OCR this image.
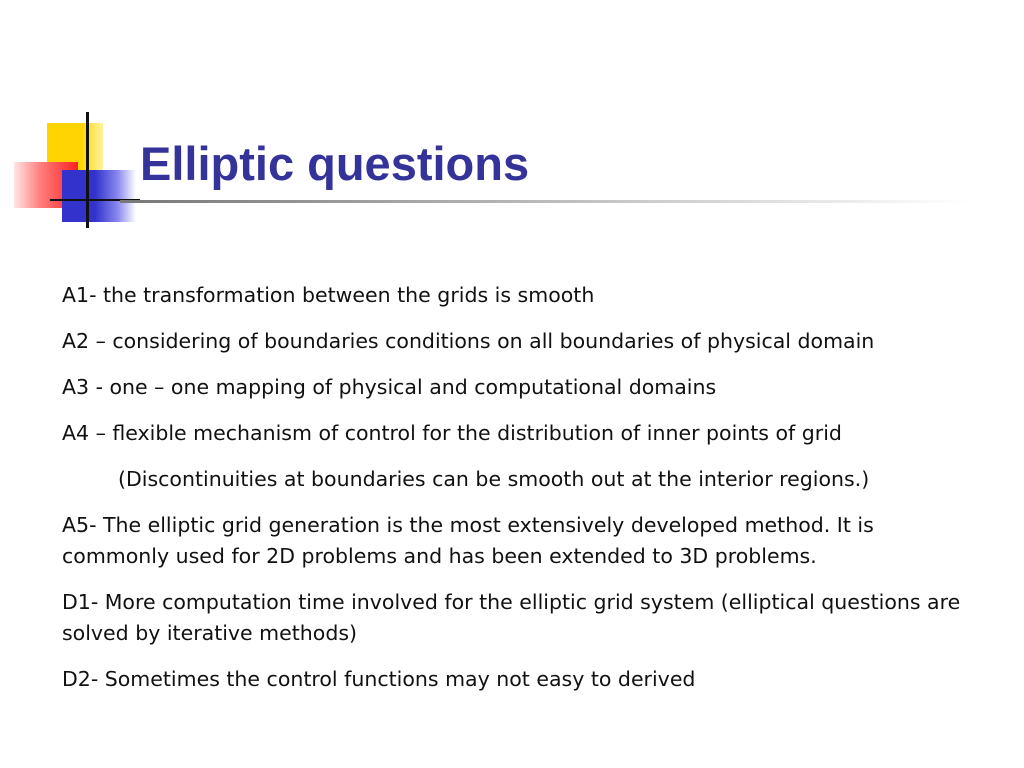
Elliptic questions

A1- the transformation between the grids is smooth

A2 – considering of boundaries conditions on all boundaries of physical domain

A3 - one – one mapping of physical and computational domains

A4 – flexible mechanism of control for the distribution of inner points of grid

(Discontinuities at boundaries can be smooth out at the interior regions.)

A5- The elliptic grid generation is the most extensively developed method. It is commonly used for 2D problems and has been extended to 3D problems.

D1- More computation time involved for the elliptic grid system (elliptical questions are solved by iterative methods)

D2- Sometimes the control functions may not easy to derived
